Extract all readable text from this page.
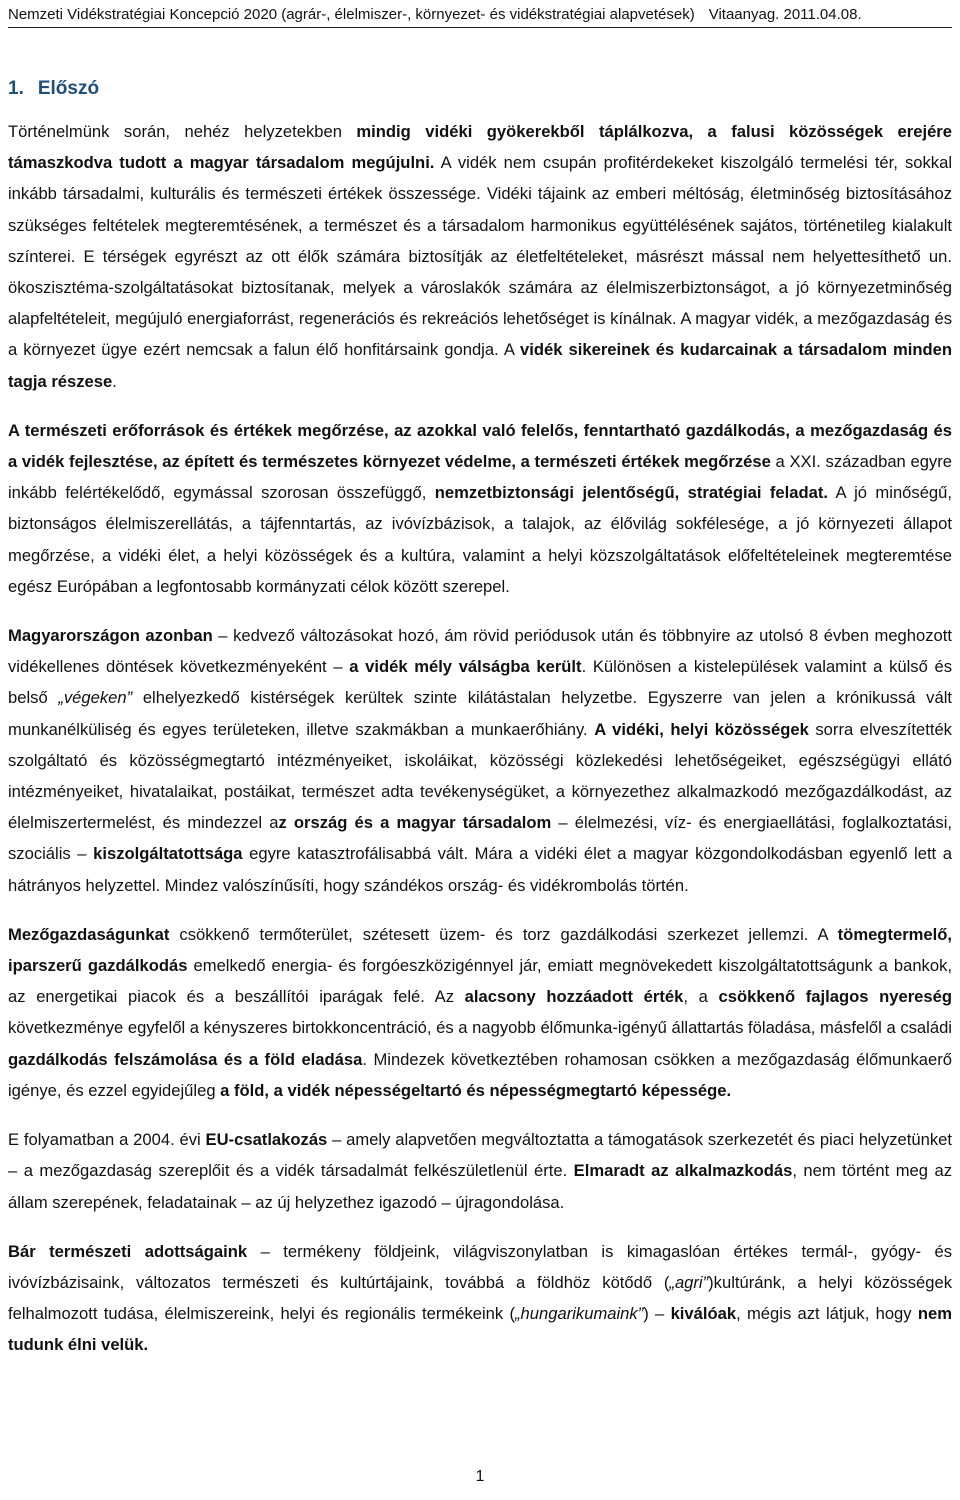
Nemzeti Vidékstratégiai Koncepció 2020 (agrár-, élelmiszer-, környezet- és vidékstratégiai alapvetések) Vitaanyag. 2011.04.08.
1. Előszó

Történelmünk során, nehéz helyzetekben mindig vidéki gyökerekből táplálkozva, a falusi közösségek erejére támaszkodva tudott a magyar társadalom megújulni. A vidék nem csupán profitérdekeket kiszolgáló termelési tér, sokkal inkább társadalmi, kulturális és természeti értékek összessége. Vidéki tájaink az emberi méltóság, életminőség biztosításához szükséges feltételek megteremtésének, a természet és a társadalom harmonikus együttélésének sajátos, történetileg kialakult színterei. E térségek egyrészt az ott élők számára biztosítják az életfeltételeket, másrészt mással nem helyettesíthető un. ökoszisztéma-szolgáltatásokat biztosítanak, melyek a városlakók számára az élelmiszerbiztonságot, a jó környezetminőség alapfeltételeit, megújuló energiaforrást, regenerációs és rekreációs lehetőséget is kínálnak. A magyar vidék, a mezőgazdaság és a környezet ügye ezért nemcsak a falun élő honfitársaink gondja. A vidék sikereinek és kudarcainak a társadalom minden tagja részese.

A természeti erőforrások és értékek megőrzése, az azokkal való felelős, fenntartható gazdálkodás, a mezőgazdaság és a vidék fejlesztése, az épített és természetes környezet védelme, a természeti értékek megőrzése a XXI. században egyre inkább felértékelődő, egymással szorosan összefüggő, nemzetbiztonsági jelentőségű, stratégiai feladat. A jó minőségű, biztonságos élelmiszerellátás, a tájfenntartás, az ivóvízbázisok, a talajok, az élővilág sokfélesége, a jó környezeti állapot megőrzése, a vidéki élet, a helyi közösségek és a kultúra, valamint a helyi közszolgáltatások előfeltételeinek megteremtése egész Európában a legfontosabb kormányzati célok között szerepel.

Magyarországon azonban – kedvező változásokat hozó, ám rövid periódusok után és többnyire az utolsó 8 évben meghozott vidékellenes döntések következményeként – a vidék mély válságba került. Különösen a kistelepülések valamint a külső és belső „végeken” elhelyezkedő kistérségek kerültek szinte kilátástalan helyzetbe. Egyszerre van jelen a krónikussá vált munkanélküliség és egyes területeken, illetve szakmákban a munkaerőhiány. A vidéki, helyi közösségek sorra elveszítették szolgáltató és közösségmegtartó intézményeiket, iskoláikat, közösségi közlekedési lehetőségeiket, egészségügyi ellátó intézményeiket, hivatalaikat, postáikat, természet adta tevékenységüket, a környezethez alkalmazkodó mezőgazdálkodást, az élelmiszertermelést, és mindezzel az ország és a magyar társadalom – élelmezési, víz- és energiaellátási, foglalkoztatási, szociális – kiszolgáltatottsága egyre katasztrofálisabbá vált. Mára a vidéki élet a magyar közgondolkodásban egyenlő lett a hátrányos helyzettel. Mindez valószínűsíti, hogy szándékos ország- és vidékrombolás történ.

Mezőgazdaságunkat csökkenő termőterület, szétesett üzem- és torz gazdálkodási szerkezet jellemzi. A tömegtermelő, iparszerű gazdálkodás emelkedő energia- és forgóeszközigénnyel jár, emiatt megnövekedett kiszolgáltatottságunk a bankok, az energetikai piacok és a beszállítói iparágak felé. Az alacsony hozzáadott érték, a csökkenő fajlagos nyereség következménye egyfelől a kényszeres birtokkoncentráció, és a nagyobb élőmunka-igényű állattartás föladása, másfelől a családi gazdálkodás felszámolása és a föld eladása. Mindezek következtében rohamosan csökken a mezőgazdaság élőmunkaerő igénye, és ezzel egyidejűleg a föld, a vidék népességeltartó és népességmegtartó képessége.

E folyamatban a 2004. évi EU-csatlakozás – amely alapvetően megváltoztatta a támogatások szerkezetét és piaci helyzetünket – a mezőgazdaság szereplőit és a vidék társadalmát felkészületlenül érte. Elmaradt az alkalmazkodás, nem történt meg az állam szerepének, feladatainak – az új helyzethez igazodó – újragondolása.

Bár természeti adottságaink – termékeny földjeink, világviszonylatban is kimagaslóan értékes termál-, gyógy- és ivóvízbázisaink, változatos természeti és kultúrtájaink, továbbá a földhöz kötődő („agri”)kultúránk, a helyi közösségek felhalmozott tudása, élelmiszereink, helyi és regionális termékeink („hungarikumaink”) – kiválóak, mégis azt látjuk, hogy nem tudunk élni velük.

1
